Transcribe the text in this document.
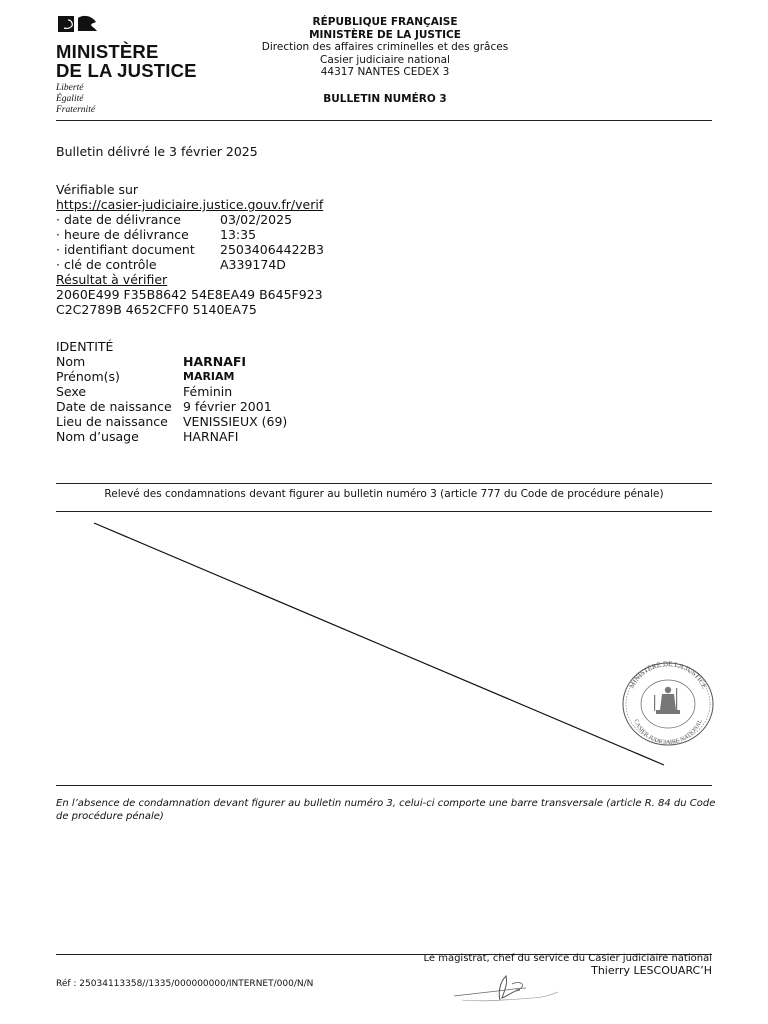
MINISTÈRE
DE LA JUSTICE
Liberté
Égalité
Fraternité
RÉPUBLIQUE FRANÇAISE
MINISTÈRE DE LA JUSTICE
Direction des affaires criminelles et des grâces
Casier judiciaire national
44317 NANTES CEDEX 3
BULLETIN NUMÉRO 3
Bulletin délivré le 3 février 2025
Vérifiable sur
https://casier-judiciaire.justice.gouv.fr/verif
· date de délivrance	03/02/2025
· heure de délivrance	13:35
· identifiant document	25034064422B3
· clé de contrôle	A339174D
Résultat à vérifier
2060E499 F35B8642 54E8EA49 B645F923
C2C2789B 4652CFF0 5140EA75
IDENTITÉ
Nom	HARNAFI
Prénom(s)	MARIAM
Sexe	Féminin
Date de naissance 9 février 2001
Lieu de naissance	VENISSIEUX (69)
Nom d’usage	HARNAFI
Relevé des condamnations devant figurer au bulletin numéro 3 (article 777 du Code de procédure pénale)
MINISTÈRE DE LA JUSTICE
CASIER JUDICIAIRE NATIONAL
En l’absence de condamnation devant figurer au bulletin numéro 3, celui-ci comporte une barre transversale (article R. 84 du Code de procédure pénale)
Le magistrat, chef du service du Casier judiciaire national
Thierry LESCOUARC’H
Réf : 25034113358//1335/000000000/INTERNET/000/N/N
